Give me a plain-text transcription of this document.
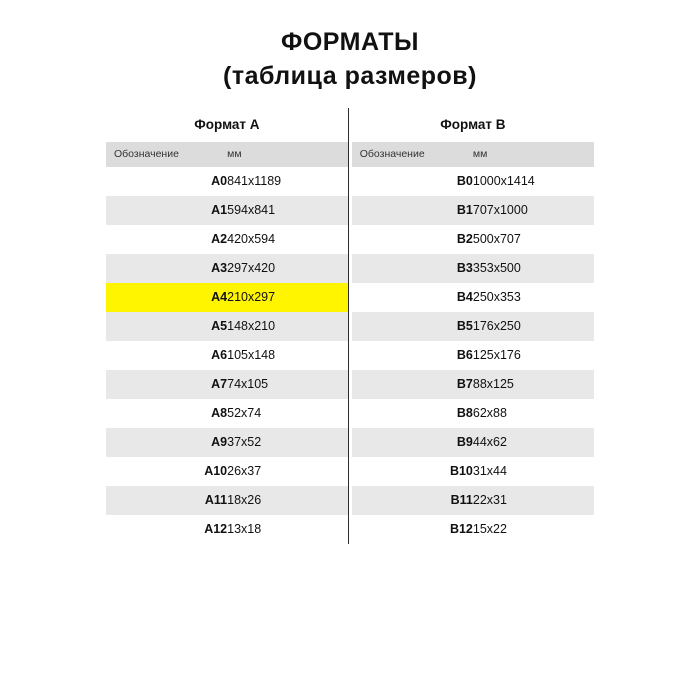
ФОРМАТЫ
(таблица размеров)
Формат А			Формат В	
Обозначение	мм		Обозначение	мм
A0	841x1189		B0	1000x1414
A1	594x841		B1	707x1000
A2	420x594		B2	500x707
A3	297x420		B3	353x500
A4	210x297		B4	250x353
A5	148x210		B5	176x250
A6	105x148		B6	125x176
A7	74x105		B7	88x125
A8	52x74		B8	62x88
A9	37x52		B9	44x62
A10	26x37		B10	31x44
A11	18x26		B11	22x31
A12	13x18		B12	15x22
